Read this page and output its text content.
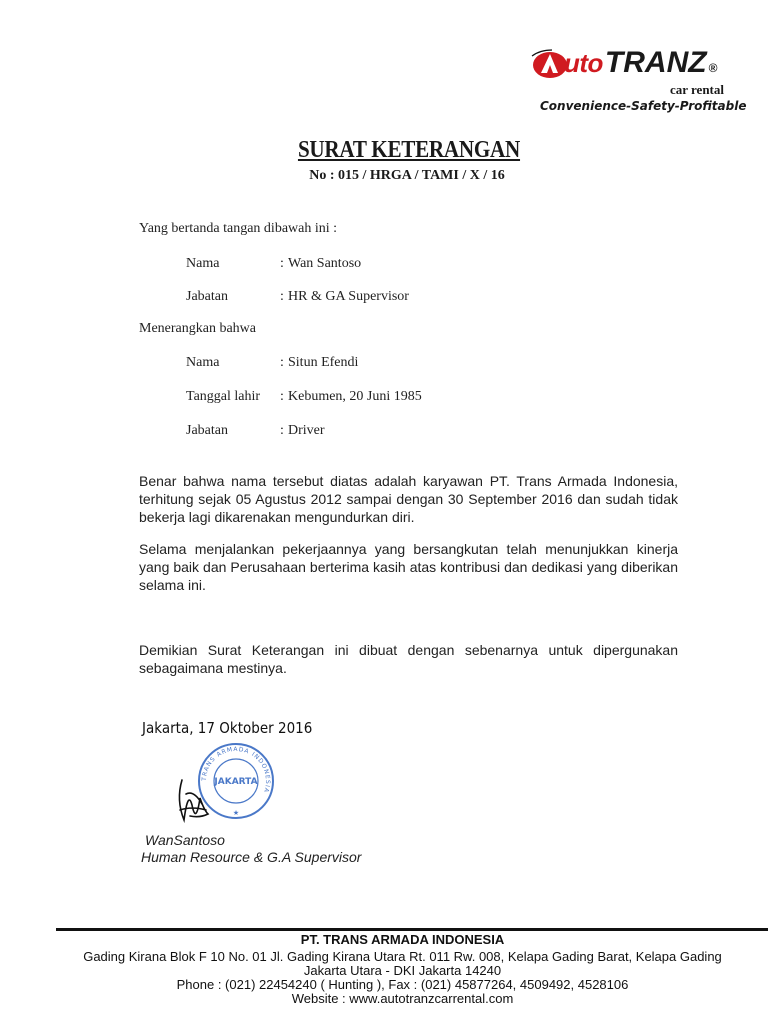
utoTRANZ ®
car rental
Convenience-Safety-Profitable
SURAT KETERANGAN
No : 015 / HRGA / TAMI / X / 16
Yang bertanda tangan dibawah ini :
Nama	: Wan Santoso
Jabatan	: HR & GA Supervisor
Menerangkan bahwa
Nama	: Situn Efendi
Tanggal lahir : Kebumen, 20 Juni 1985
Jabatan	: Driver
Benar bahwa nama tersebut diatas adalah karyawan PT. Trans Armada Indonesia, terhitung sejak 05 Agustus 2012 sampai dengan 30 September 2016 dan sudah tidak bekerja lagi dikarenakan mengundurkan diri.
Selama menjalankan pekerjaannya yang bersangkutan telah menunjukkan kinerja yang baik dan Perusahaan berterima kasih atas kontribusi dan dedikasi yang diberikan selama ini.
Demikian Surat Keterangan ini dibuat dengan sebenarnya untuk dipergunakan sebagaimana mestinya.
Jakarta, 17 Oktober 2016
TRANS ARMADA INDONESIA
JAKARTA
★
WanSantoso
Human Resource & G.A Supervisor
PT. TRANS ARMADA INDONESIA
Gading Kirana Blok F 10 No. 01 Jl. Gading Kirana Utara Rt. 011 Rw. 008, Kelapa Gading Barat, Kelapa Gading
Jakarta Utara - DKI Jakarta 14240
Phone : (021) 22454240 ( Hunting ), Fax : (021) 45877264, 4509492, 4528106
Website : www.autotranzcarrental.com
